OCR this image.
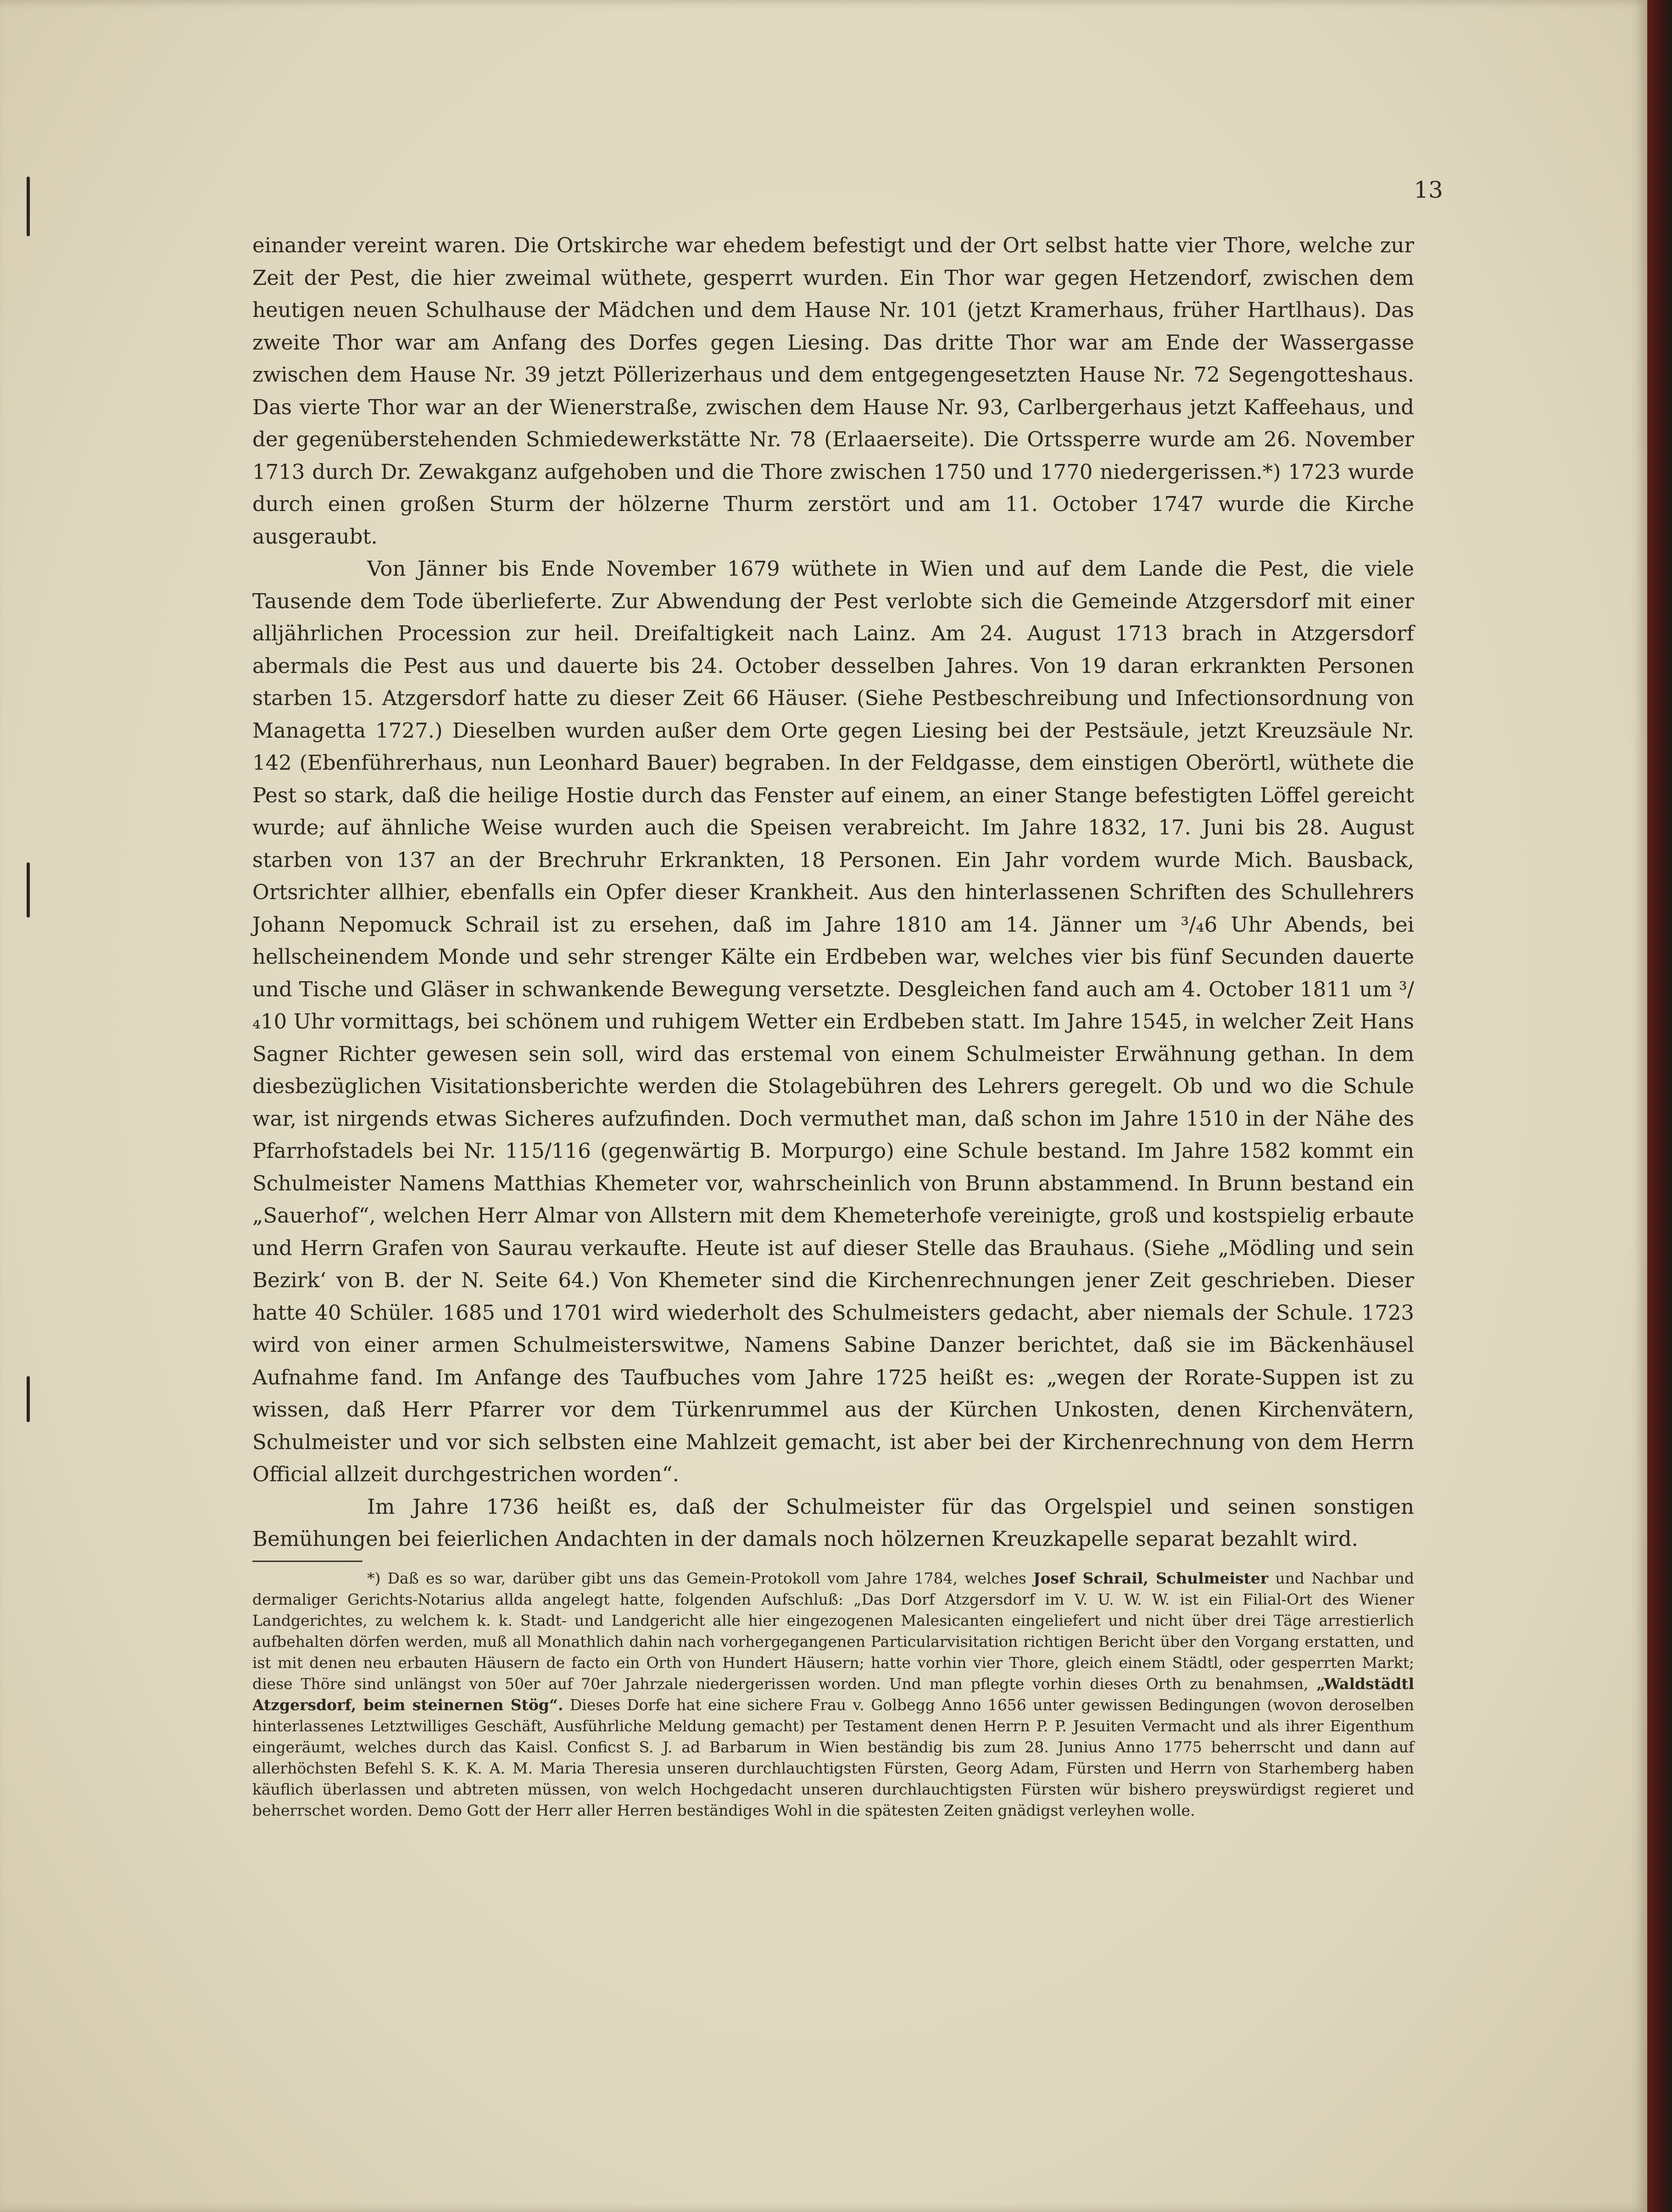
13

einander vereint waren. Die Ortskirche war ehedem befestigt und der Ort selbst hatte vier Thore, welche zur Zeit der Pest, die hier zweimal wüthete, gesperrt wurden. Ein Thor war gegen Hetzendorf, zwischen dem heutigen neuen Schulhause der Mädchen und dem Hause Nr. 101 (jetzt Kramerhaus, früher Hartlhaus). Das zweite Thor war am Anfang des Dorfes gegen Liesing. Das dritte Thor war am Ende der Wassergasse zwischen dem Hause Nr. 39 jetzt Pöllerizerhaus und dem entgegengesetzten Hause Nr. 72 Segengotteshaus. Das vierte Thor war an der Wienerstraße, zwischen dem Hause Nr. 93, Carlbergerhaus jetzt Kaffeehaus, und der gegenüberstehenden Schmiedewerkstätte Nr. 78 (Erlaaerseite). Die Ortssperre wurde am 26. November 1713 durch Dr. Zewakganz aufgehoben und die Thore zwischen 1750 und 1770 niedergerissen.*) 1723 wurde durch einen großen Sturm der hölzerne Thurm zerstört und am 11. October 1747 wurde die Kirche ausgeraubt.

Von Jänner bis Ende November 1679 wüthete in Wien und auf dem Lande die Pest, die viele Tausende dem Tode überlieferte. Zur Abwendung der Pest verlobte sich die Gemeinde Atzgersdorf mit einer alljährlichen Procession zur heil. Dreifaltigkeit nach Lainz. Am 24. August 1713 brach in Atzgersdorf abermals die Pest aus und dauerte bis 24. October desselben Jahres. Von 19 daran erkrankten Personen starben 15. Atzgersdorf hatte zu dieser Zeit 66 Häuser. (Siehe Pestbeschreibung und Infectionsordnung von Managetta 1727.) Dieselben wurden außer dem Orte gegen Liesing bei der Pestsäule, jetzt Kreuzsäule Nr. 142 (Ebenführerhaus, nun Leonhard Bauer) begraben. In der Feldgasse, dem einstigen Oberörtl, wüthete die Pest so stark, daß die heilige Hostie durch das Fenster auf einem, an einer Stange befestigten Löffel gereicht wurde; auf ähnliche Weise wurden auch die Speisen verabreicht. Im Jahre 1832, 17. Juni bis 28. August starben von 137 an der Brechruhr Erkrankten, 18 Personen. Ein Jahr vordem wurde Mich. Bausback, Ortsrichter allhier, ebenfalls ein Opfer dieser Krankheit. Aus den hinterlassenen Schriften des Schullehrers Johann Nepomuck Schrail ist zu ersehen, daß im Jahre 1810 am 14. Jänner um ³/₄6 Uhr Abends, bei hellscheinendem Monde und sehr strenger Kälte ein Erdbeben war, welches vier bis fünf Secunden dauerte und Tische und Gläser in schwankende Bewegung versetzte. Desgleichen fand auch am 4. October 1811 um ³/₄10 Uhr vormittags, bei schönem und ruhigem Wetter ein Erdbeben statt. Im Jahre 1545, in welcher Zeit Hans Sagner Richter gewesen sein soll, wird das erstemal von einem Schulmeister Erwähnung gethan. In dem diesbezüglichen Visitationsberichte werden die Stolagebühren des Lehrers geregelt. Ob und wo die Schule war, ist nirgends etwas Sicheres aufzufinden. Doch vermuthet man, daß schon im Jahre 1510 in der Nähe des Pfarrhofstadels bei Nr. 115/116 (gegenwärtig B. Morpurgo) eine Schule bestand. Im Jahre 1582 kommt ein Schulmeister Namens Matthias Khemeter vor, wahrscheinlich von Brunn abstammend. In Brunn bestand ein „Sauerhof“, welchen Herr Almar von Allstern mit dem Khemeterhofe vereinigte, groß und kostspielig erbaute und Herrn Grafen von Saurau verkaufte. Heute ist auf dieser Stelle das Brauhaus. (Siehe „Mödling und sein Bezirk‘ von B. der N. Seite 64.) Von Khemeter sind die Kirchenrechnungen jener Zeit geschrieben. Dieser hatte 40 Schüler. 1685 und 1701 wird wiederholt des Schulmeisters gedacht, aber niemals der Schule. 1723 wird von einer armen Schulmeisterswitwe, Namens Sabine Danzer berichtet, daß sie im Bäckenhäusel Aufnahme fand. Im Anfange des Taufbuches vom Jahre 1725 heißt es: „wegen der Rorate-Suppen ist zu wissen, daß Herr Pfarrer vor dem Türkenrummel aus der Kürchen Unkosten, denen Kirchenvätern, Schulmeister und vor sich selbsten eine Mahlzeit gemacht, ist aber bei der Kirchenrechnung von dem Herrn Official allzeit durchgestrichen worden“.

Im Jahre 1736 heißt es, daß der Schulmeister für das Orgelspiel und seinen sonstigen Bemühungen bei feierlichen Andachten in der damals noch hölzernen Kreuzkapelle separat bezahlt wird.

*) Daß es so war, darüber gibt uns das Gemein-Protokoll vom Jahre 1784, welches Josef Schrail, Schulmeister und Nachbar und dermaliger Gerichts-Notarius allda angelegt hatte, folgenden Aufschluß: „Das Dorf Atzgersdorf im V. U. W. W. ist ein Filial-Ort des Wiener Landgerichtes, zu welchem k. k. Stadt- und Landgericht alle hier eingezogenen Malesicanten eingeliefert und nicht über drei Täge arrestierlich aufbehalten dörfen werden, muß all Monathlich dahin nach vorhergegangenen Particularvisitation richtigen Bericht über den Vorgang erstatten, und ist mit denen neu erbauten Häusern de facto ein Orth von Hundert Häusern; hatte vorhin vier Thore, gleich einem Städtl, oder gesperrten Markt; diese Thöre sind unlängst von 50er auf 70er Jahrzale niedergerissen worden. Und man pflegte vorhin dieses Orth zu benahmsen, „Waldstädtl Atzgersdorf, beim steinernen Stög“. Dieses Dorfe hat eine sichere Frau v. Golbegg Anno 1656 unter gewissen Bedingungen (wovon deroselben hinterlassenes Letztwilliges Geschäft, Ausführliche Meldung gemacht) per Testament denen Herrn P. P. Jesuiten Vermacht und als ihrer Eigenthum eingeräumt, welches durch das Kaisl. Conficst S. J. ad Barbarum in Wien beständig bis zum 28. Junius Anno 1775 beherrscht und dann auf allerhöchsten Befehl S. K. K. A. M. Maria Theresia unseren durchlauchtigsten Fürsten, Georg Adam, Fürsten und Herrn von Starhemberg haben käuflich überlassen und abtreten müssen, von welch Hochgedacht unseren durchlauchtigsten Fürsten wür bishero preyswürdigst regieret und beherrschet worden. Demo Gott der Herr aller Herren beständiges Wohl in die spätesten Zeiten gnädigst verleyhen wolle.
